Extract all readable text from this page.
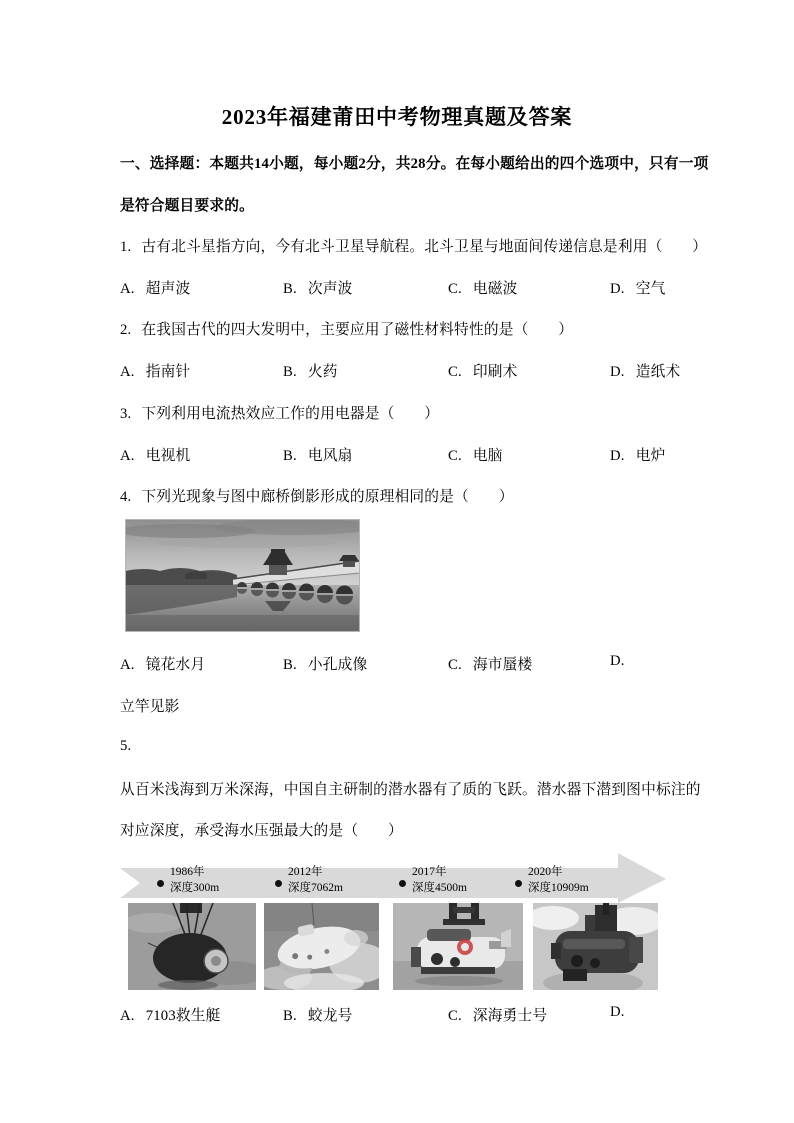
2023年福建莆田中考物理真题及答案
一、选择题：本题共14小题，每小题2分，共28分。在每小题给出的四个选项中，只有一项
是符合题目要求的。
1. 古有北斗星指方向，今有北斗卫星导航程。北斗卫星与地面间传递信息是利用（　　）
A. 超声波	B. 次声波	C. 电磁波	D. 空气
2. 在我国古代的四大发明中，主要应用了磁性材料特性的是（　　）
A. 指南针	B. 火药	C. 印刷术	D. 造纸术
3. 下列利用电流热效应工作的用电器是（　　）
A. 电视机	B. 电风扇	C. 电脑	D. 电炉
4. 下列光现象与图中廊桥倒影形成的原理相同的是（　　）
A. 镜花水月	B. 小孔成像	C. 海市蜃楼	D.
立竿见影
5.
从百米浅海到万米深海，中国自主研制的潜水器有了质的飞跃。潜水器下潜到图中标注的
对应深度，承受海水压强最大的是（　　）
1986年
深度300m
2012年
深度7062m
2017年
深度4500m
2020年
深度10909m
A. 7103救生艇	B. 蛟龙号	C. 深海勇士号	D.
